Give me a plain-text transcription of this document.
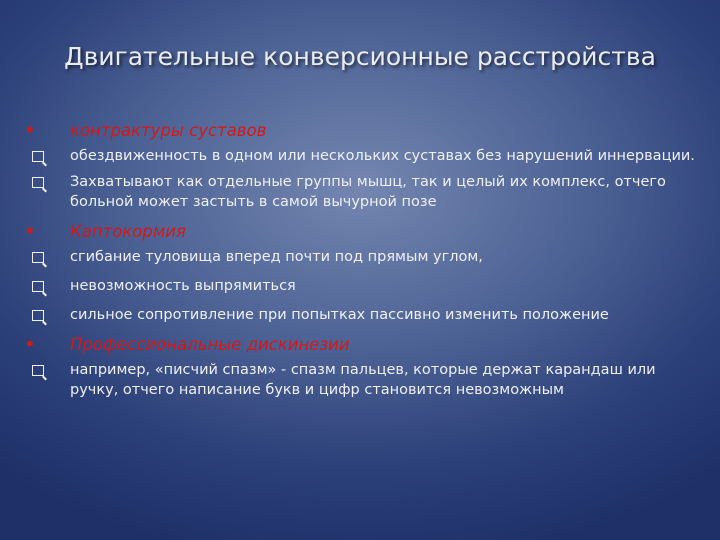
Двигательные конверсионные расстройства
• контрактуры суставов
обездвиженность в одном или нескольких суставах без нарушений иннервации.
Захватывают как отдельные группы мышц, так и целый их комплекс, отчего больной может застыть в самой вычурной позе
• Каптокормия
сгибание туловища вперед почти под прямым углом,
невозможность выпрямиться
сильное сопротивление при попытках пассивно изменить положение
• Профессиональные дискинезии
например, «писчий спазм» - спазм пальцев, которые держат карандаш или ручку, отчего написание букв и цифр становится невозможным
